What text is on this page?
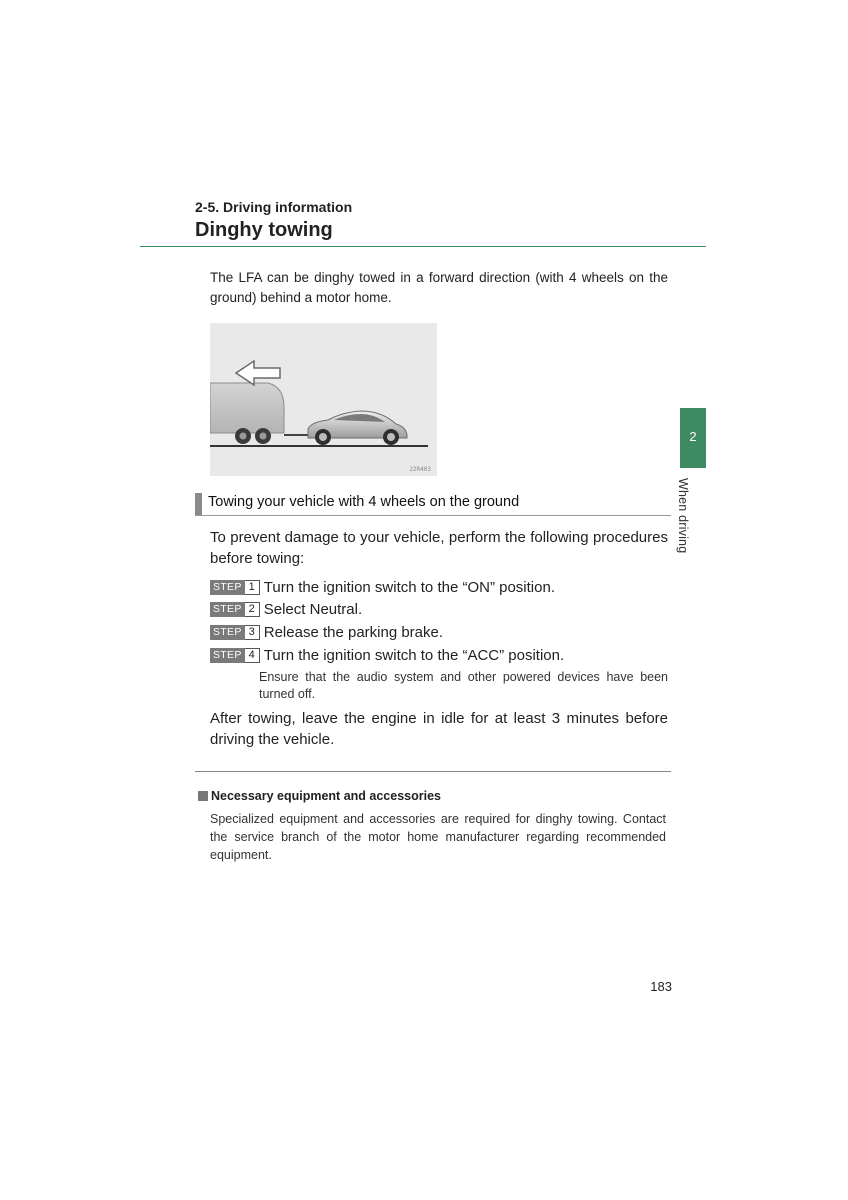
2-5. Driving information
Dinghy towing
The LFA can be dinghy towed in a forward direction (with 4 wheels on the ground) behind a motor home.
22R403
2
When driving
Towing your vehicle with 4 wheels on the ground
To prevent damage to your vehicle, perform the following procedures before towing:
STEP 1 Turn the ignition switch to the “ON” position.
STEP 2 Select Neutral.
STEP 3 Release the parking brake.
STEP 4 Turn the ignition switch to the “ACC” position.
Ensure that the audio system and other powered devices have been turned off.
After towing, leave the engine in idle for at least 3 minutes before driving the vehicle.
Necessary equipment and accessories
Specialized equipment and accessories are required for dinghy towing. Contact the service branch of the motor home manufacturer regarding recommended equipment.
183
